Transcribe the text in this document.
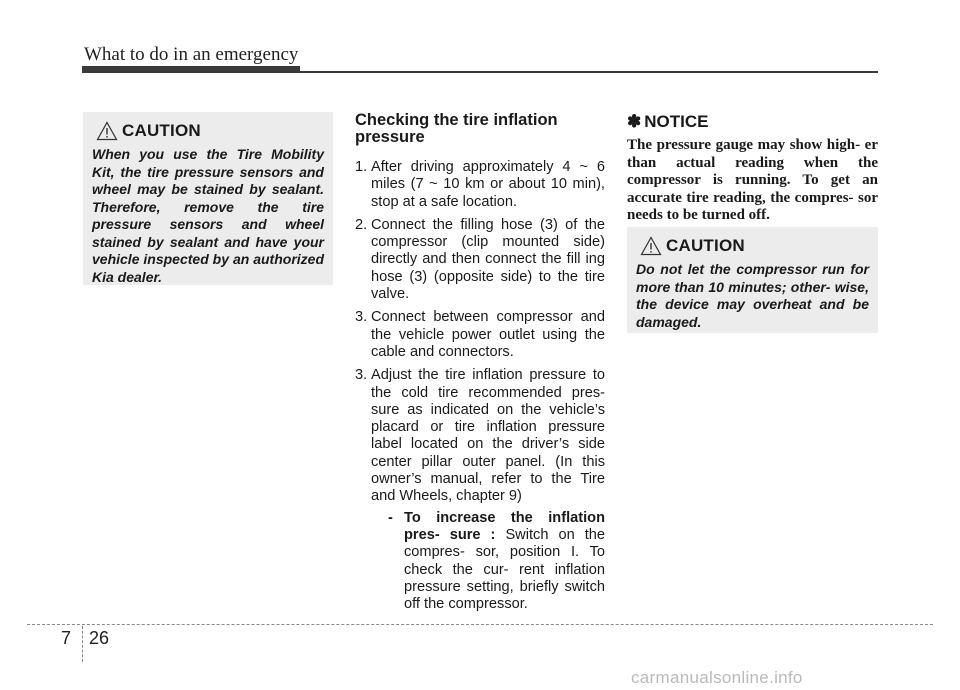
What to do in an emergency
CAUTION

When you use the Tire Mobility Kit, the tire pressure sensors and wheel may be stained by sealant. Therefore, remove the tire pressure sensors and wheel stained by sealant and have your vehicle inspected by an authorized Kia dealer.

Checking the tire inflation pressure
1. After driving approximately 4 ~ 6 miles (7 ~ 10 km or about 10 min), stop at a safe location.
2. Connect the filling hose (3) of the compressor (clip mounted side) directly and then connect the fill ing hose (3) (opposite side) to the tire valve.
3. Connect between compressor and the vehicle power outlet using the cable and connectors.
3. Adjust the tire inflation pressure to the cold tire recommended pres- sure as indicated on the vehicle’s placard or tire inflation pressure label located on the driver’s side center pillar outer panel. (In this owner’s manual, refer to the Tire and Wheels, chapter 9)
- To increase the inflation pres- sure : Switch on the compres- sor, position I. To check the cur- rent inflation pressure setting, briefly switch off the compressor.
✽ NOTICE

The pressure gauge may show high- er than actual reading when the compressor is running. To get an accurate tire reading, the compres- sor needs to be turned off.

CAUTION

Do not let the compressor run for more than 10 minutes; other- wise, the device may overheat and be damaged.

7 26
carmanualsonline.info
